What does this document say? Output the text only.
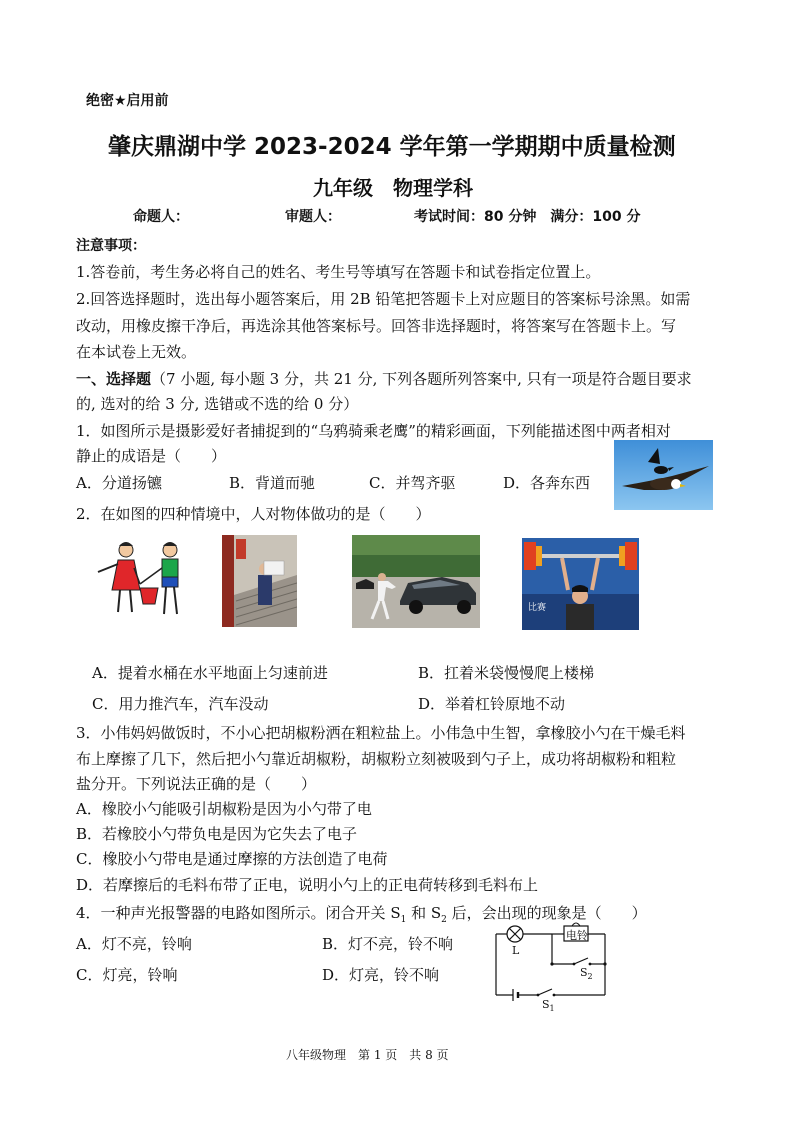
绝密★启用前
肇庆鼎湖中学 2023-2024 学年第一学期期中质量检测
九年级　物理学科
命题人：	审题人：	考试时间：80 分钟　满分：100 分
注意事项：
1.答卷前，考生务必将自己的姓名、考生号等填写在答题卡和试卷指定位置上。
2.回答选择题时，选出每小题答案后，用 2B 铅笔把答题卡上对应题目的答案标号涂黑。如需
改动，用橡皮擦干净后，再选涂其他答案标号。回答非选择题时，将答案写在答题卡上。写
在本试卷上无效。
一、选择题（7 小题, 每小题 3 分，共 21 分, 下列各题所列答案中, 只有一项是符合题目要求
的, 选对的给 3 分, 选错或不选的给 0 分）
1．如图所示是摄影爱好者捕捉到的“乌鸦骑乘老鹰”的精彩画面，下列能描述图中两者相对
静止的成语是（　　）
A．分道扬镳	B．背道而驰	C．并驾齐驱	D．各奔东西
2．在如图的四种情境中，人对物体做功的是（　　）
比赛
A．提着水桶在水平地面上匀速前进	B．扛着米袋慢慢爬上楼梯
C．用力推汽车，汽车没动	D．举着杠铃原地不动
3．小伟妈妈做饭时，不小心把胡椒粉洒在粗粒盐上。小伟急中生智，拿橡胶小勺在干燥毛料
布上摩擦了几下，然后把小勺靠近胡椒粉，胡椒粉立刻被吸到勺子上，成功将胡椒粉和粗粒
盐分开。下列说法正确的是（　　）
A．橡胶小勺能吸引胡椒粉是因为小勺带了电
B．若橡胶小勺带负电是因为它失去了电子
C．橡胶小勺带电是通过摩擦的方法创造了电荷
D．若摩擦后的毛料布带了正电，说明小勺上的正电荷转移到毛料布上
4．一种声光报警器的电路如图所示。闭合开关 $S_1$ 和 $S_2$ 后，会出现的现象是（　　）
A．灯不亮，铃响	B．灯不亮，铃不响
C．灯亮，铃响	D．灯亮，铃不响
L
电铃
$S_2$
$S_1$
八年级物理　第 1 页　共 8 页
